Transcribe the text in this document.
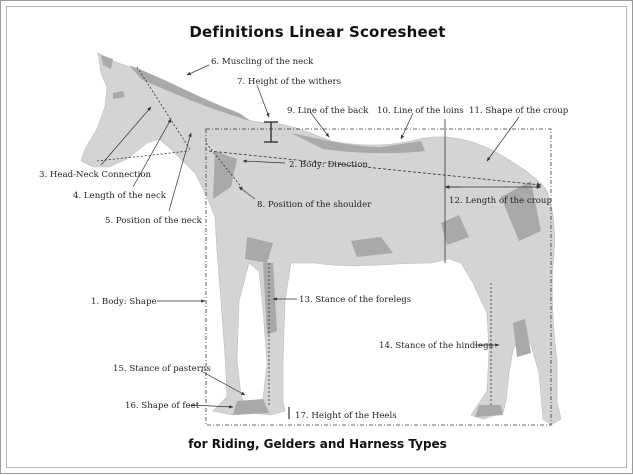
6. Muscling of the neck
7. Height of the withers
9. Line of the back 10. Line of the loins 11. Shape of the croup
2. Body: Direction
3. Head-Neck Connection
4. Length of the neck	12. Length of the croup
8. Position of the shoulder
5. Position of the neck
1. Body: Shape	13. Stance of the forelegs
14. Stance of the hindlegs
15. Stance of pasterns
16. Shape of feet
17. Height of the Heels
Definitions Linear Scoresheet
for Riding, Gelders and Harness Types
